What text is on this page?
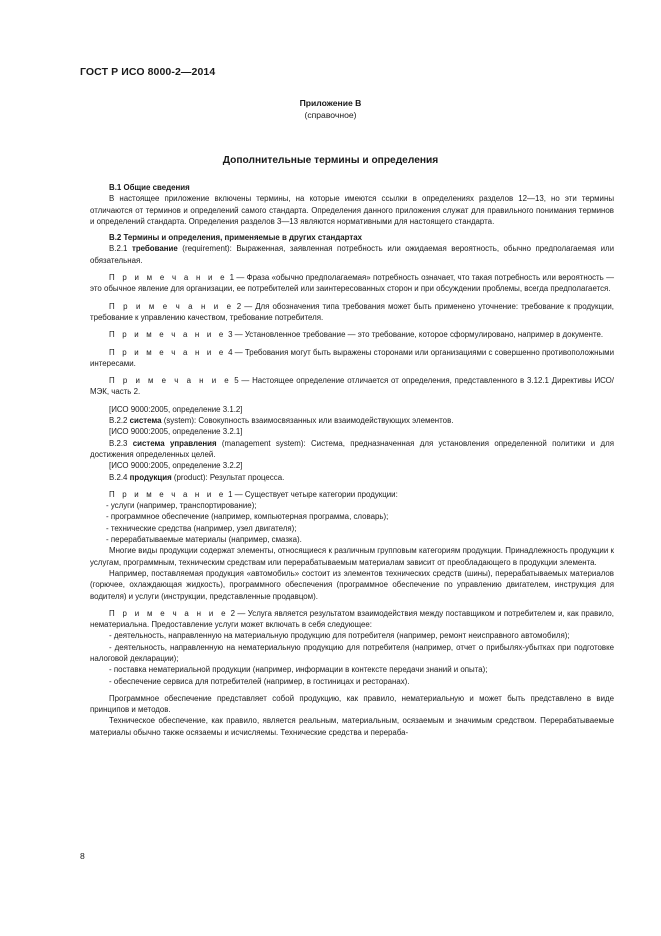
ГОСТ Р ИСО 8000-2—2014
Приложение В
(справочное)
Дополнительные термины и определения

В.1 Общие сведения

В настоящее приложение включены термины, на которые имеются ссылки в определениях разделов 12—13, но эти термины отличаются от терминов и определений самого стандарта. Определения данного приложения служат для правильного понимания терминов и определений стандарта. Определения разделов 3—13 являются нормативными для настоящего стандарта.

В.2 Термины и определения, применяемые в других стандартах

В.2.1 требование (requirement): Выраженная, заявленная потребность или ожидаемая вероятность, обычно предполагаемая или обязательная.

П р и м е ч а н и е 1 — Фраза «обычно предполагаемая» потребность означает, что такая потребность или вероятность — это обычное явление для организации, ее потребителей или заинтересованных сторон и при обсуждении проблемы, всегда предполагается.

П р и м е ч а н и е 2 — Для обозначения типа требования может быть применено уточнение: требование к продукции, требование к управлению качеством, требование потребителя.

П р и м е ч а н и е 3 — Установленное требование — это требование, которое сформулировано, например в документе.

П р и м е ч а н и е 4 — Требования могут быть выражены сторонами или организациями с совершенно противоположными интересами.

П р и м е ч а н и е 5 — Настоящее определение отличается от определения, представленного в 3.12.1 Директивы ИСО/МЭК, часть 2.

[ИСО 9000:2005, определение 3.1.2]

В.2.2 система (system): Совокупность взаимосвязанных или взаимодействующих элементов.

[ИСО 9000:2005, определение 3.2.1]

В.2.3 система управления (management system): Система, предназначенная для установления определенной политики и для достижения определенных целей.

[ИСО 9000:2005, определение 3.2.2]

В.2.4 продукция (product): Результат процесса.

П р и м е ч а н и е 1 — Существует четыре категории продукции:

- услуги (например, транспортирование);

- программное обеспечение (например, компьютерная программа, словарь);

- технические средства (например, узел двигателя);

- перерабатываемые материалы (например, смазка).

Многие виды продукции содержат элементы, относящиеся к различным групповым категориям продукции. Принадлежность продукции к услугам, программным, техническим средствам или перерабатываемым материалам зависит от преобладающего в продукции элемента.

Например, поставляемая продукция «автомобиль» состоит из элементов технических средств (шины), перерабатываемых материалов (горючее, охлаждающая жидкость), программного обеспечения (программное обеспечение по управлению двигателем, инструкция для водителя) и услуги (инструкции, представленные продавцом).

П р и м е ч а н и е 2 — Услуга является результатом взаимодействия между поставщиком и потребителем и, как правило, нематериальна. Предоставление услуги может включать в себя следующее:

- деятельность, направленную на материальную продукцию для потребителя (например, ремонт неисправного автомобиля);

- деятельность, направленную на нематериальную продукцию для потребителя (например, отчет о прибылях-убытках при подготовке налоговой декларации);

- поставка нематериальной продукции (например, информации в контексте передачи знаний и опыта);

- обеспечение сервиса для потребителей (например, в гостиницах и ресторанах).

Программное обеспечение представляет собой продукцию, как правило, нематериальную и может быть представлено в виде принципов и методов.

Техническое обеспечение, как правило, является реальным, материальным, осязаемым и значимым средством. Перерабатываемые материалы обычно также осязаемы и исчисляемы. Технические средства и перераба-

8
